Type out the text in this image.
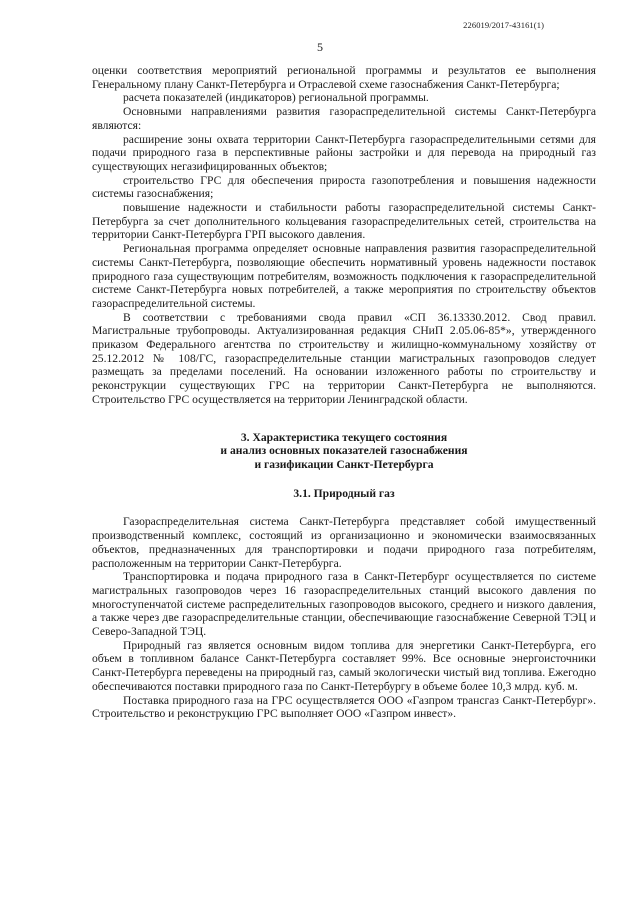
226019/2017-43161(1)
5

оценки соответствия мероприятий региональной программы и результатов ее выполнения Генеральному плану Санкт-Петербурга и Отраслевой схеме газоснабжения Санкт-Петербурга;

расчета показателей (индикаторов) региональной программы.

Основными направлениями развития газораспределительной системы Санкт-Петербурга являются:

расширение зоны охвата территории Санкт-Петербурга газораспределительными сетями для подачи природного газа в перспективные районы застройки и для перевода на природный газ существующих негазифицированных объектов;

строительство ГРС для обеспечения прироста газопотребления и повышения надежности системы газоснабжения;

повышение надежности и стабильности работы газораспределительной системы Санкт-Петербурга за счет дополнительного кольцевания газораспределительных сетей, строительства на территории Санкт-Петербурга ГРП высокого давления.

Региональная программа определяет основные направления развития газораспределительной системы Санкт-Петербурга, позволяющие обеспечить нормативный уровень надежности поставок природного газа существующим потребителям, возможность подключения к газораспределительной системе Санкт-Петербурга новых потребителей, а также мероприятия по строительству объектов газораспределительной системы.

В соответствии с требованиями свода правил «СП 36.13330.2012. Свод правил. Магистральные трубопроводы. Актуализированная редакция СНиП 2.05.06-85*», утвержденного приказом Федерального агентства по строительству и жилищно-коммунальному хозяйству от 25.12.2012 № 108/ГС, газораспределительные станции магистральных газопроводов следует размещать за пределами поселений. На основании изложенного работы по строительству и реконструкции существующих ГРС на территории Санкт-Петербурга не выполняются. Строительство ГРС осуществляется на территории Ленинградской области.

3. Характеристика текущего состояния
и анализ основных показателей газоснабжения
и газификации Санкт-Петербурга
3.1. Природный газ

Газораспределительная система Санкт-Петербурга представляет собой имущественный производственный комплекс, состоящий из организационно и экономически взаимосвязанных объектов, предназначенных для транспортировки и подачи природного газа потребителям, расположенным на территории Санкт-Петербурга.

Транспортировка и подача природного газа в Санкт-Петербург осуществляется по системе магистральных газопроводов через 16 газораспределительных станций высокого давления по многоступенчатой системе распределительных газопроводов высокого, среднего и низкого давления, а также через две газораспределительные станции, обеспечивающие газоснабжение Северной ТЭЦ и Северо-Западной ТЭЦ.

Природный газ является основным видом топлива для энергетики Санкт-Петербурга, его объем в топливном балансе Санкт-Петербурга составляет 99%. Все основные энергоисточники Санкт-Петербурга переведены на природный газ, самый экологически чистый вид топлива. Ежегодно обеспечиваются поставки природного газа по Санкт-Петербургу в объеме более 10,3 млрд. куб. м.

Поставка природного газа на ГРС осуществляется ООО «Газпром трансгаз Санкт-Петербург». Строительство и реконструкцию ГРС выполняет ООО «Газпром инвест».
